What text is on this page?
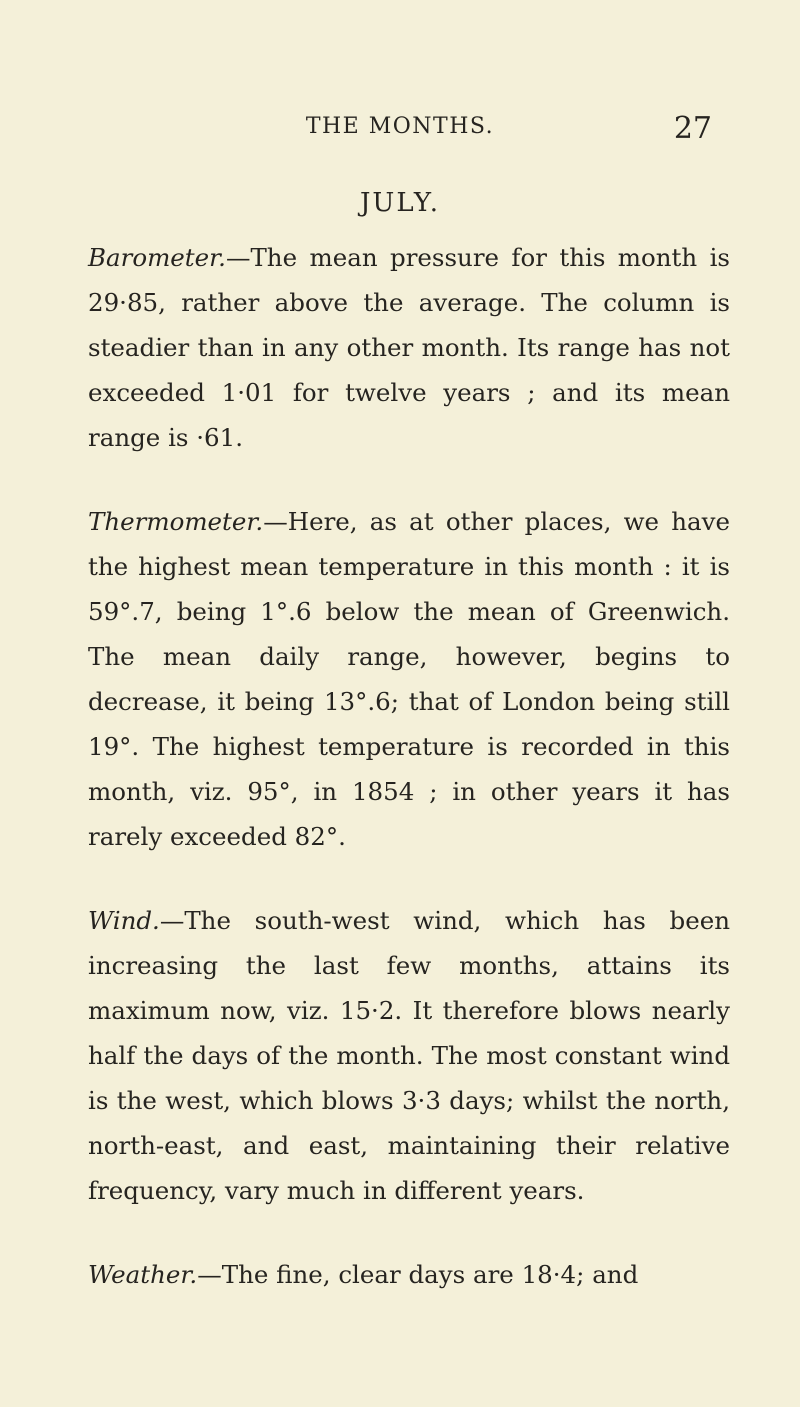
THE MONTHS.	27
JULY.

Barometer.—The mean pressure for this month is 29·85, rather above the average. The column is steadier than in any other month. Its range has not exceeded 1·01 for twelve years ; and its mean range is ·61.

Thermometer.—Here, as at other places, we have the highest mean temperature in this month : it is 59°.7, being 1°.6 below the mean of Greenwich. The mean daily range, however, begins to decrease, it being 13°.6; that of London being still 19°. The highest temperature is recorded in this month, viz. 95°, in 1854 ; in other years it has rarely exceeded 82°.

Wind.—The south-west wind, which has been increasing the last few months, attains its maximum now, viz. 15·2. It therefore blows nearly half the days of the month. The most constant wind is the west, which blows 3·3 days; whilst the north, north-east, and east, maintaining their relative frequency, vary much in different years.

Weather.—The fine, clear days are 18·4; and
